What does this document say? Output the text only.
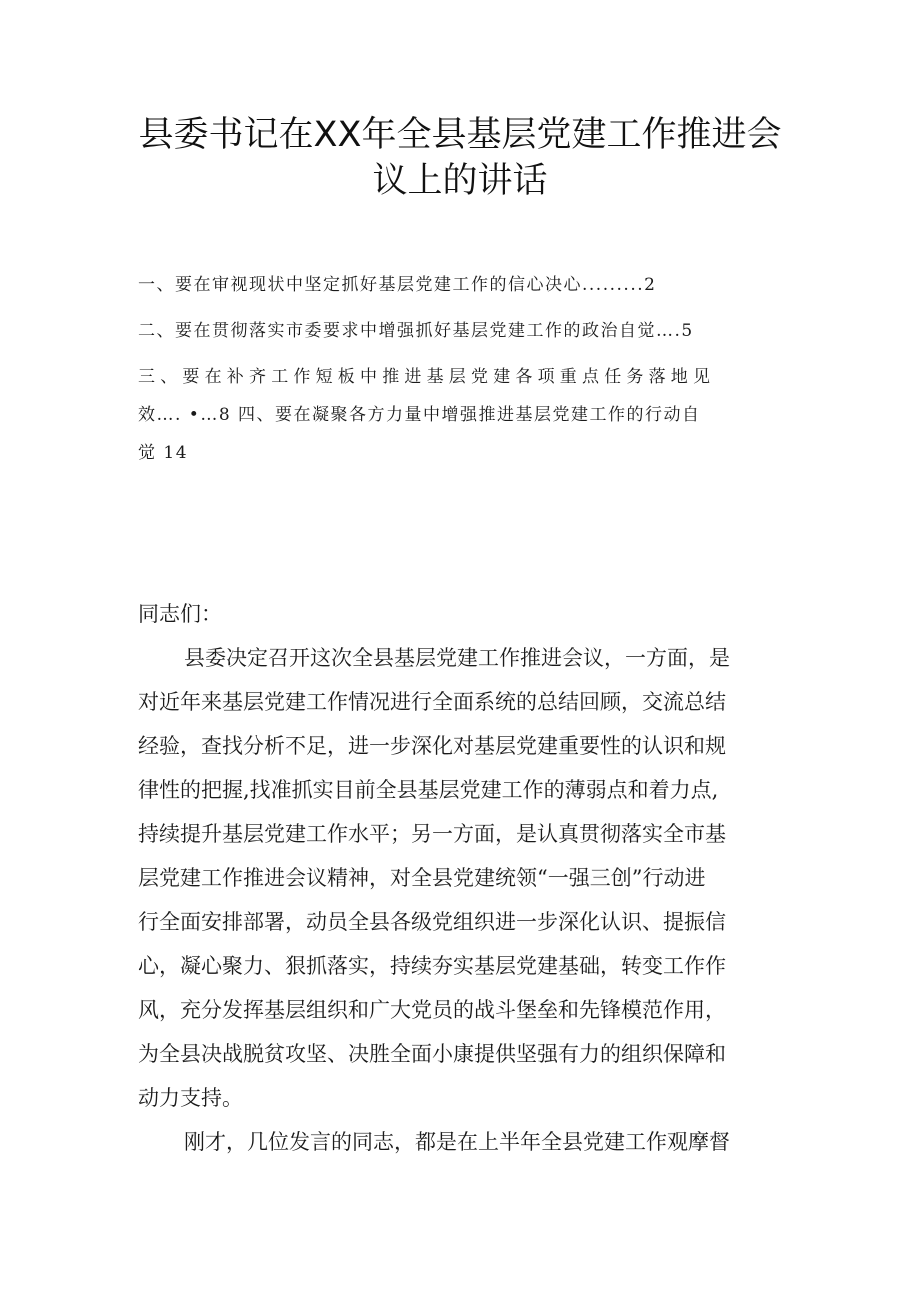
县委书记在XX年全县基层党建工作推进会
议上的讲话

一、要在审视现状中坚定抓好基层党建工作的信心决心.........2

二、要在贯彻落实市委要求中增强抓好基层党建工作的政治自觉….5

三、要在补齐工作短板中推进基层党建各项重点任务落地见

效…. •…8 四、要在凝聚各方力量中增强推进基层党建工作的行动自

觉 14

同志们：

县委决定召开这次全县基层党建工作推进会议，一方面，是
对近年来基层党建工作情况进行全面系统的总结回顾，交流总结
经验，查找分析不足，进一步深化对基层党建重要性的认识和规
律性的把握,找准抓实目前全县基层党建工作的薄弱点和着力点,
持续提升基层党建工作水平；另一方面，是认真贯彻落实全市基
层党建工作推进会议精神，对全县党建统领“一强三创”行动进
行全面安排部署，动员全县各级党组织进一步深化认识、提振信
心，凝心聚力、狠抓落实，持续夯实基层党建基础，转变工作作
风，充分发挥基层组织和广大党员的战斗堡垒和先锋模范作用，
为全县决战脱贫攻坚、决胜全面小康提供坚强有力的组织保障和
动力支持。

刚才，几位发言的同志，都是在上半年全县党建工作观摩督
